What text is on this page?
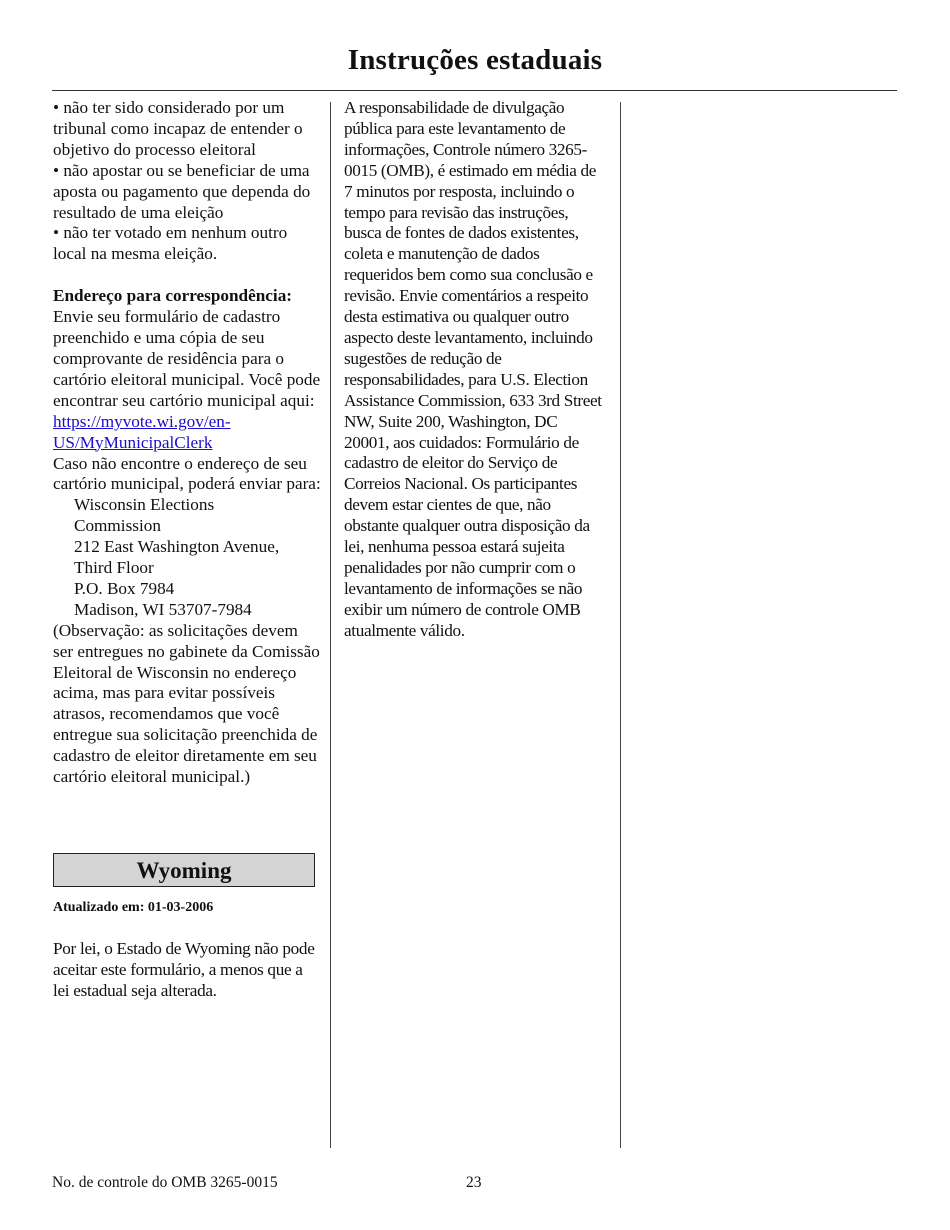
Instruções estaduais
• não ter sido considerado por um tribunal como incapaz de entender o objetivo do processo eleitoral
• não apostar ou se beneficiar de uma aposta ou pagamento que dependa do resultado de uma eleição
• não ter votado em nenhum outro local na mesma eleição.
Endereço para correspondência:

Envie seu formulário de cadastro preenchido e uma cópia de seu comprovante de residência para o cartório eleitoral municipal. Você pode encontrar seu cartório municipal aqui: https://myvote.wi.gov/en-US/MyMunicipalClerk

Caso não encontre o endereço de seu cartório municipal, poderá enviar para:

Wisconsin Elections
Commission
212 East Washington Avenue,
Third Floor
P.O. Box 7984
Madison, WI 53707-7984

(Observação: as solicitações devem ser entregues no gabinete da Comissão Eleitoral de Wisconsin no endereço acima, mas para evitar possíveis atrasos, recomendamos que você entregue sua solicitação preenchida de cadastro de eleitor diretamente em seu cartório eleitoral municipal.)

Wyoming
Atualizado em: 01-03-2006

Por lei, o Estado de Wyoming não pode aceitar este formulário, a menos que a lei estadual seja alterada.

A responsabilidade de divulgação pública para este levantamento de informações, Controle número 3265-0015 (OMB), é estimado em média de 7 minutos por resposta, incluindo o tempo para revisão das instruções, busca de fontes de dados existentes, coleta e manutenção de dados requeridos bem como sua conclusão e revisão. Envie comentários a respeito desta estimativa ou qualquer outro aspecto deste levantamento, incluindo sugestões de redução de responsabilidades, para U.S. Election Assistance Commission, 633 3rd Street NW, Suite 200, Washington, DC 20001, aos cuidados: Formulário de cadastro de eleitor do Serviço de Correios Nacional. Os participantes devem estar cientes de que, não obstante qualquer outra disposição da lei, nenhuma pessoa estará sujeita penalidades por não cumprir com o levantamento de informações se não exibir um número de controle OMB atualmente válido.

No. de controle do OMB 3265-0015	23
